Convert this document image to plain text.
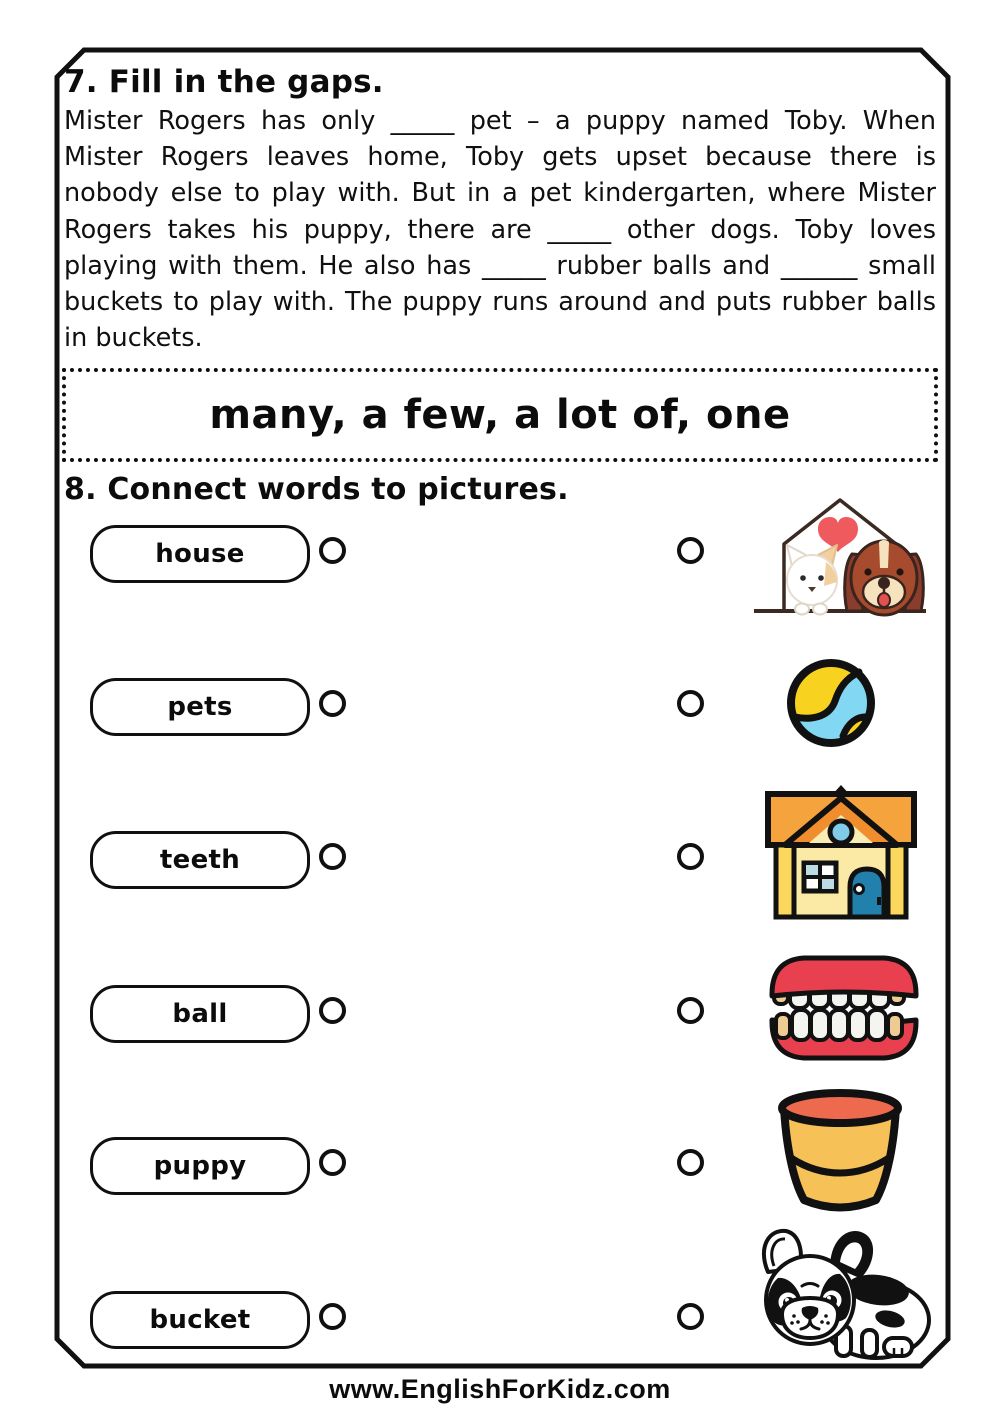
7. Fill in the gaps.
Mister Rogers has only _____ pet – a puppy named Toby. When Mister Rogers leaves home, Toby gets upset because there is nobody else to play with. But in a pet kindergarten, where Mister Rogers takes his puppy, there are _____ other dogs. Toby loves playing with them. He also has _____ rubber balls and ______ small buckets to play with. The puppy runs around and puts rubber balls in buckets.
many, a few, a lot of, one
8. Connect words to pictures.
house
pets
teeth
ball
puppy
bucket
www.EnglishForKidz.com
